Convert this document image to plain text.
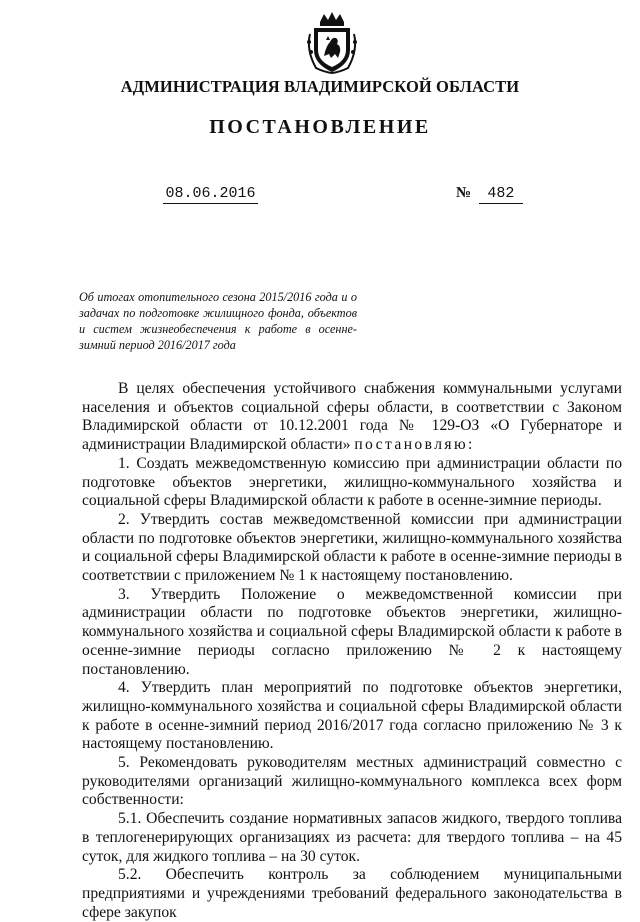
АДМИНИСТРАЦИЯ ВЛАДИМИРСКОЙ ОБЛАСТИ
ПОСТАНОВЛЕНИЕ
08.06.2016	№ 482
Об итогах отопительного сезона 2015/2016 года и о задачах по подготовке жилищного фонда, объектов и систем жизнеобеспечения к работе в осенне-зимний период 2016/2017 года

В целях обеспечения устойчивого снабжения коммунальными услугами населения и объектов социальной сферы области, в соответствии с Законом Владимирской области от 10.12.2001 года № 129-ОЗ «О Губернаторе и администрации Владимирской области» постановляю:

1. Создать межведомственную комиссию при администрации области по подготовке объектов энергетики, жилищно-коммунального хозяйства и социальной сферы Владимирской области к работе в осенне-зимние периоды.

2. Утвердить состав межведомственной комиссии при администрации области по подготовке объектов энергетики, жилищно-коммунального хозяйства и социальной сферы Владимирской области к работе в осенне-зимние периоды в соответствии с приложением № 1 к настоящему постановлению.

3. Утвердить Положение о межведомственной комиссии при администрации области по подготовке объектов энергетики, жилищно-коммунального хозяйства и социальной сферы Владимирской области к работе в осенне-зимние периоды согласно приложению № 2 к настоящему постановлению.

4. Утвердить план мероприятий по подготовке объектов энергетики, жилищно-коммунального хозяйства и социальной сферы Владимирской области к работе в осенне-зимний период 2016/2017 года согласно приложению № 3 к настоящему постановлению.

5. Рекомендовать руководителям местных администраций совместно с руководителями организаций жилищно-коммунального комплекса всех форм собственности:

5.1. Обеспечить создание нормативных запасов жидкого, твердого топлива в теплогенерирующих организациях из расчета: для твердого топлива – на 45 суток, для жидкого топлива – на 30 суток.

5.2. Обеспечить контроль за соблюдением муниципальными предприятиями и учреждениями требований федерального законодательства в сфере закупок
